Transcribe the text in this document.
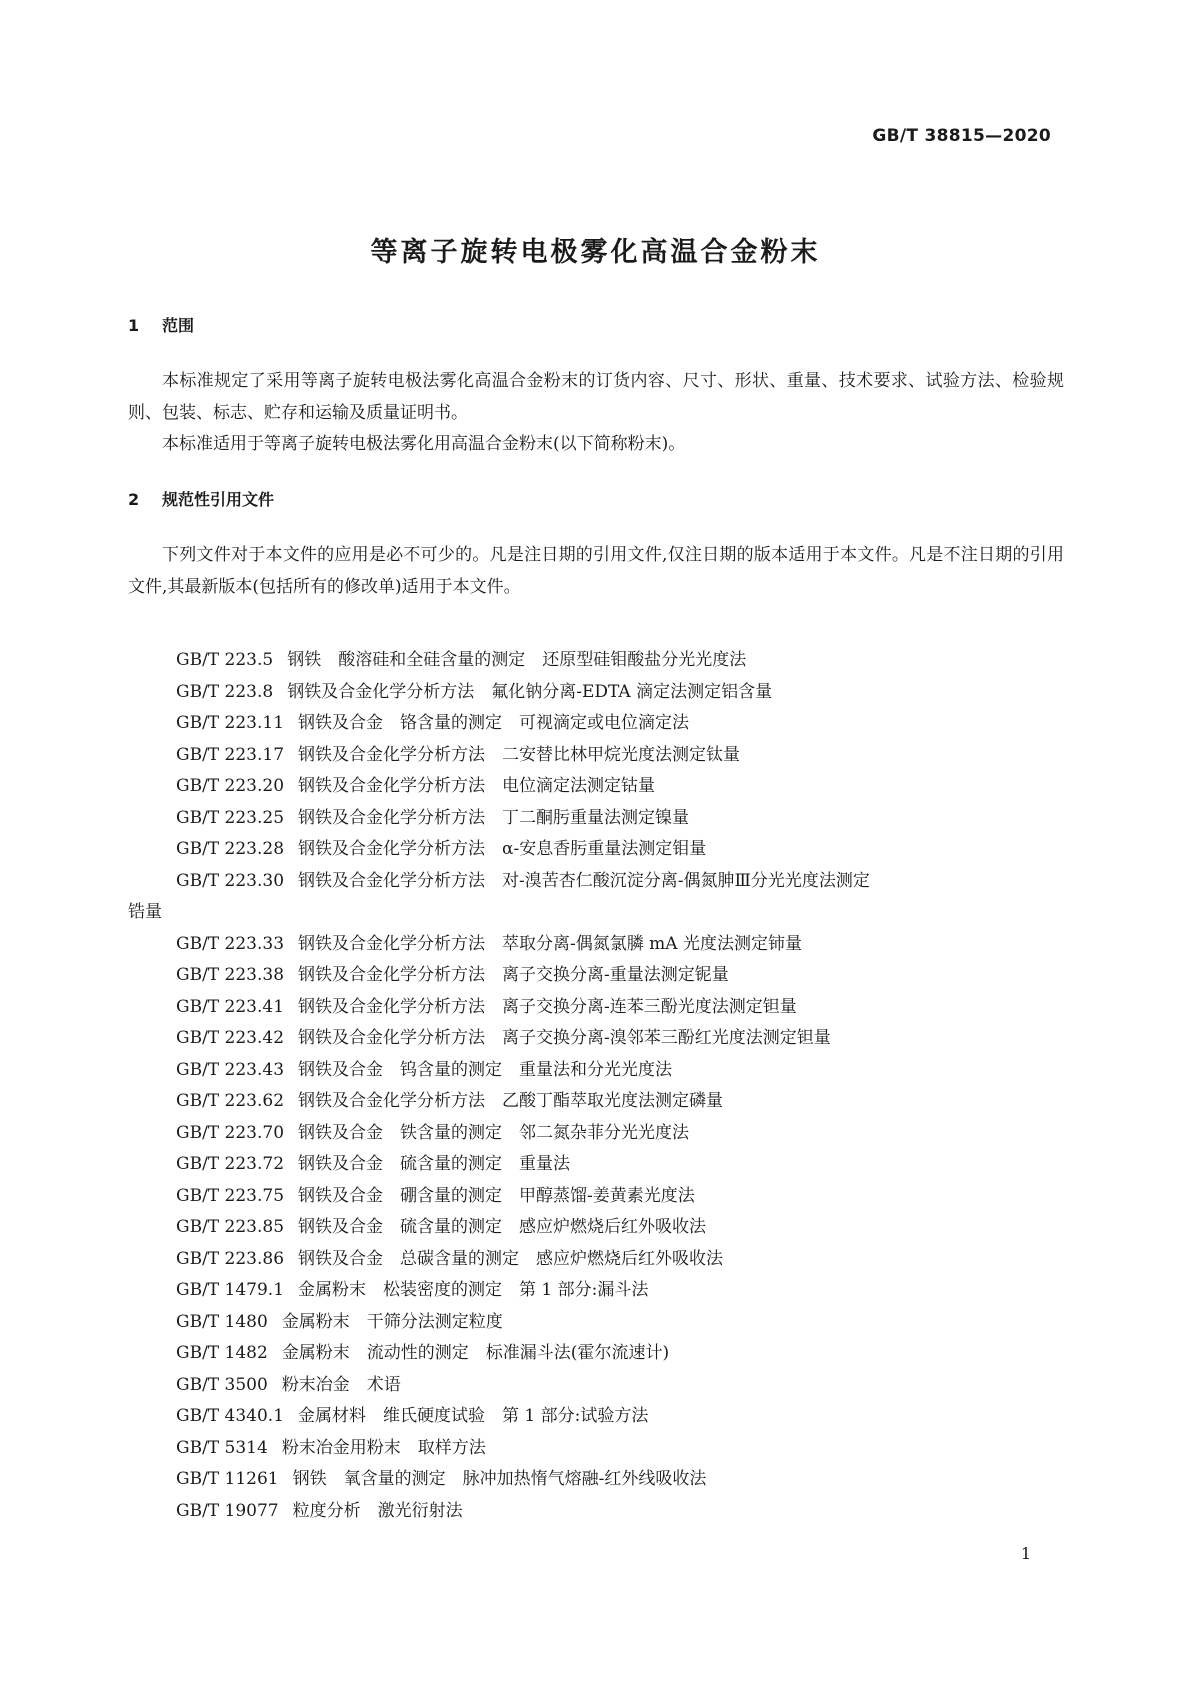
GB/T 38815—2020
等离子旋转电极雾化高温合金粉末
1 范围

本标准规定了采用等离子旋转电极法雾化高温合金粉末的订货内容、尺寸、形状、重量、技术要求、试验方法、检验规则、包装、标志、贮存和运输及质量证明书。

本标准适用于等离子旋转电极法雾化用高温合金粉末(以下简称粉末)。

2 规范性引用文件

下列文件对于本文件的应用是必不可少的。凡是注日期的引用文件,仅注日期的版本适用于本文件。凡是不注日期的引用文件,其最新版本(包括所有的修改单)适用于本文件。

GB/T 223.5 钢铁　酸溶硅和全硅含量的测定　还原型硅钼酸盐分光光度法
GB/T 223.8 钢铁及合金化学分析方法　氟化钠分离-EDTA 滴定法测定铝含量
GB/T 223.11 钢铁及合金　铬含量的测定　可视滴定或电位滴定法
GB/T 223.17 钢铁及合金化学分析方法　二安替比林甲烷光度法测定钛量
GB/T 223.20 钢铁及合金化学分析方法　电位滴定法测定钴量
GB/T 223.25 钢铁及合金化学分析方法　丁二酮肟重量法测定镍量
GB/T 223.28 钢铁及合金化学分析方法　α-安息香肟重量法测定钼量
GB/T 223.30 钢铁及合金化学分析方法　对-溴苦杏仁酸沉淀分离-偶氮胂Ⅲ分光光度法测定
锆量
GB/T 223.33 钢铁及合金化学分析方法　萃取分离-偶氮氯膦 mA 光度法测定铈量
GB/T 223.38 钢铁及合金化学分析方法　离子交换分离-重量法测定铌量
GB/T 223.41 钢铁及合金化学分析方法　离子交换分离-连苯三酚光度法测定钽量
GB/T 223.42 钢铁及合金化学分析方法　离子交换分离-溴邻苯三酚红光度法测定钽量
GB/T 223.43 钢铁及合金　钨含量的测定　重量法和分光光度法
GB/T 223.62 钢铁及合金化学分析方法　乙酸丁酯萃取光度法测定磷量
GB/T 223.70 钢铁及合金　铁含量的测定　邻二氮杂菲分光光度法
GB/T 223.72 钢铁及合金　硫含量的测定　重量法
GB/T 223.75 钢铁及合金　硼含量的测定　甲醇蒸馏-姜黄素光度法
GB/T 223.85 钢铁及合金　硫含量的测定　感应炉燃烧后红外吸收法
GB/T 223.86 钢铁及合金　总碳含量的测定　感应炉燃烧后红外吸收法
GB/T 1479.1 金属粉末　松装密度的测定　第 1 部分:漏斗法
GB/T 1480 金属粉末　干筛分法测定粒度
GB/T 1482 金属粉末　流动性的测定　标准漏斗法(霍尔流速计)
GB/T 3500 粉末冶金　术语
GB/T 4340.1 金属材料　维氏硬度试验　第 1 部分:试验方法
GB/T 5314 粉末冶金用粉末　取样方法
GB/T 11261 钢铁　氧含量的测定　脉冲加热惰气熔融-红外线吸收法
GB/T 19077 粒度分析　激光衍射法
1
